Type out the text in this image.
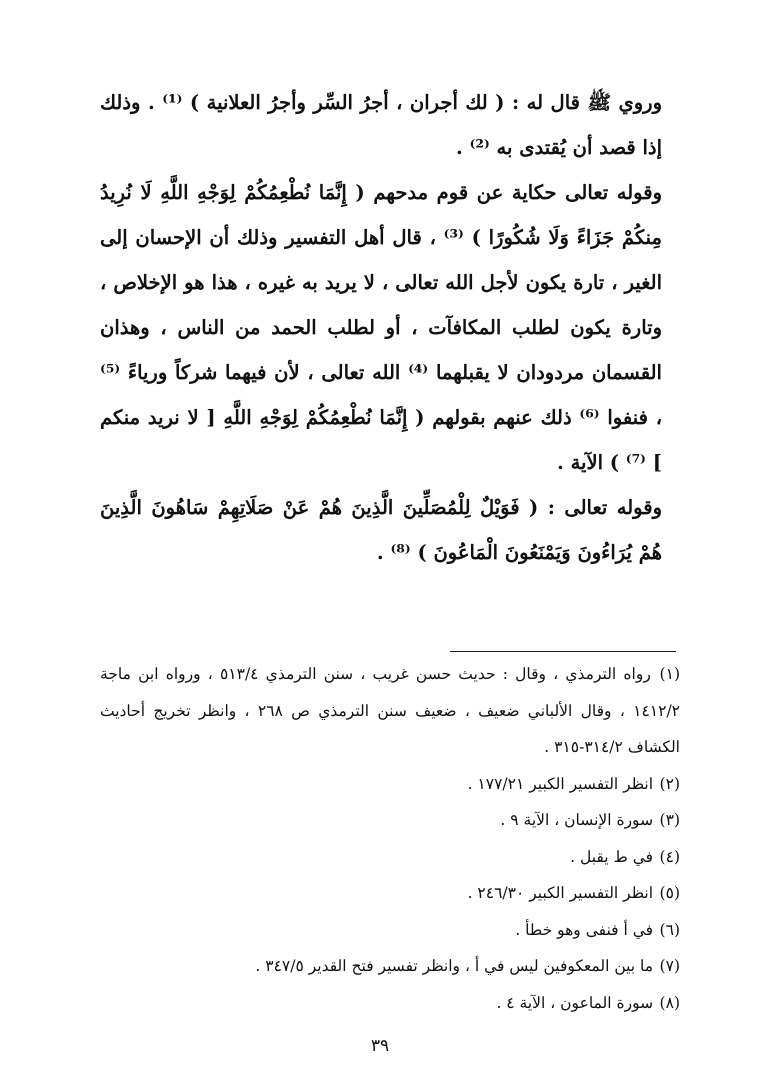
وروي ﷺ قال له : ( لك أجران ، أجرُ السِّر وأجرُ العلانية ) ⁽¹⁾ . وذلك إذا قصد أن يُقتدى به ⁽²⁾ .

وقوله تعالى حكاية عن قوم مدحهم ( إِنَّمَا نُطْعِمُكُمْ لِوَجْهِ اللَّهِ لَا نُرِيدُ مِنكُمْ جَزَاءً وَلَا شُكُورًا ) ⁽³⁾ ، قال أهل التفسير وذلك أن الإحسان إلى الغير ، تارة يكون لأجل الله تعالى ، لا يريد به غيره ، هذا هو الإخلاص ، وتارة يكون لطلب المكافآت ، أو لطلب الحمد من الناس ، وهذان القسمان مردودان لا يقبلهما ⁽⁴⁾ الله تعالى ، لأن فيهما شركاً ورياءً ⁽⁵⁾ ، فنفوا ⁽⁶⁾ ذلك عنهم بقولهم ( إِنَّمَا نُطْعِمُكُمْ لِوَجْهِ اللَّهِ [ لا نريد منكم ] ⁽⁷⁾ ) الآية .

وقوله تعالى : ( فَوَيْلٌ لِلْمُصَلِّينَ الَّذِينَ هُمْ عَنْ صَلَاتِهِمْ سَاهُونَ الَّذِينَ هُمْ يُرَاءُونَ وَيَمْنَعُونَ الْمَاعُونَ ) ⁽⁸⁾ .

(١) رواه الترمذي ، وقال : حديث حسن غريب ، سنن الترمذي ٥١٣/٤ ، ورواه ابن ماجة ١٤١٢/٢ ، وقال الألباني ضعيف ، ضعيف سنن الترمذي ص ٢٦٨ ، وانظر تخريج أحاديث الكشاف ٣١٤/٢-٣١٥ .

(٢) انظر التفسير الكبير ١٧٧/٢١ .

(٣) سورة الإنسان ، الآية ٩ .

(٤) في ط يقبل .

(٥) انظر التفسير الكبير ٢٤٦/٣٠ .

(٦) في أ فنفى وهو خطأ .

(٧) ما بين المعكوفين ليس في أ ، وانظر تفسير فتح القدير ٣٤٧/٥ .

(٨) سورة الماعون ، الآية ٤ .

٣٩
